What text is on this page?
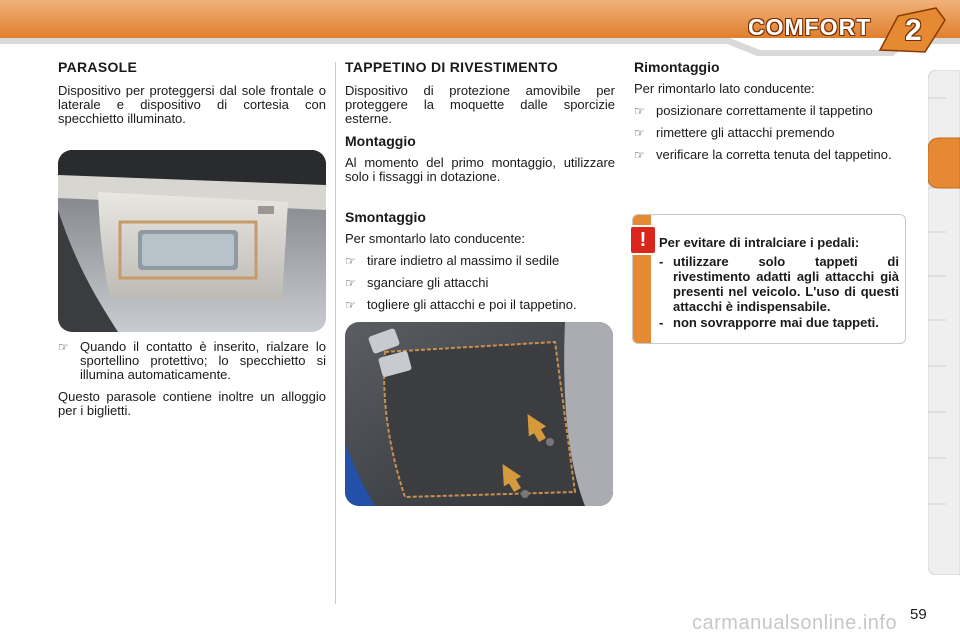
COMFORT 2
PARASOLE

Dispositivo per proteggersi dal sole frontale o laterale e dispositivo di cortesia con specchietto illuminato.

☞ Quando il contatto è inserito, rialzare lo sportellino protettivo; lo specchietto si illumina automaticamente.

Questo parasole contiene inoltre un alloggio per i biglietti.

TAPPETINO DI RIVESTIMENTO

Dispositivo di protezione amovibile per proteggere la moquette dalle sporcizie esterne.

Montaggio

Al momento del primo montaggio, utilizzare solo i fissaggi in dotazione.

Smontaggio

Per smontarlo lato conducente:

☞ tirare indietro al massimo il sedile
☞ sganciare gli attacchi
☞ togliere gli attacchi e poi il tappetino.
Rimontaggio

Per rimontarlo lato conducente:

☞ posizionare correttamente il tappetino
☞ rimettere gli attacchi premendo
☞ verificare la corretta tenuta del tappetino.
! Per evitare di intralciare i pedali:
- utilizzare solo tappeti di rivestimento adatti agli attacchi già presenti nel veicolo. L'uso di questi attacchi è indispensabile.
- non sovrapporre mai due tappeti.
carmanualsonline.info 59
